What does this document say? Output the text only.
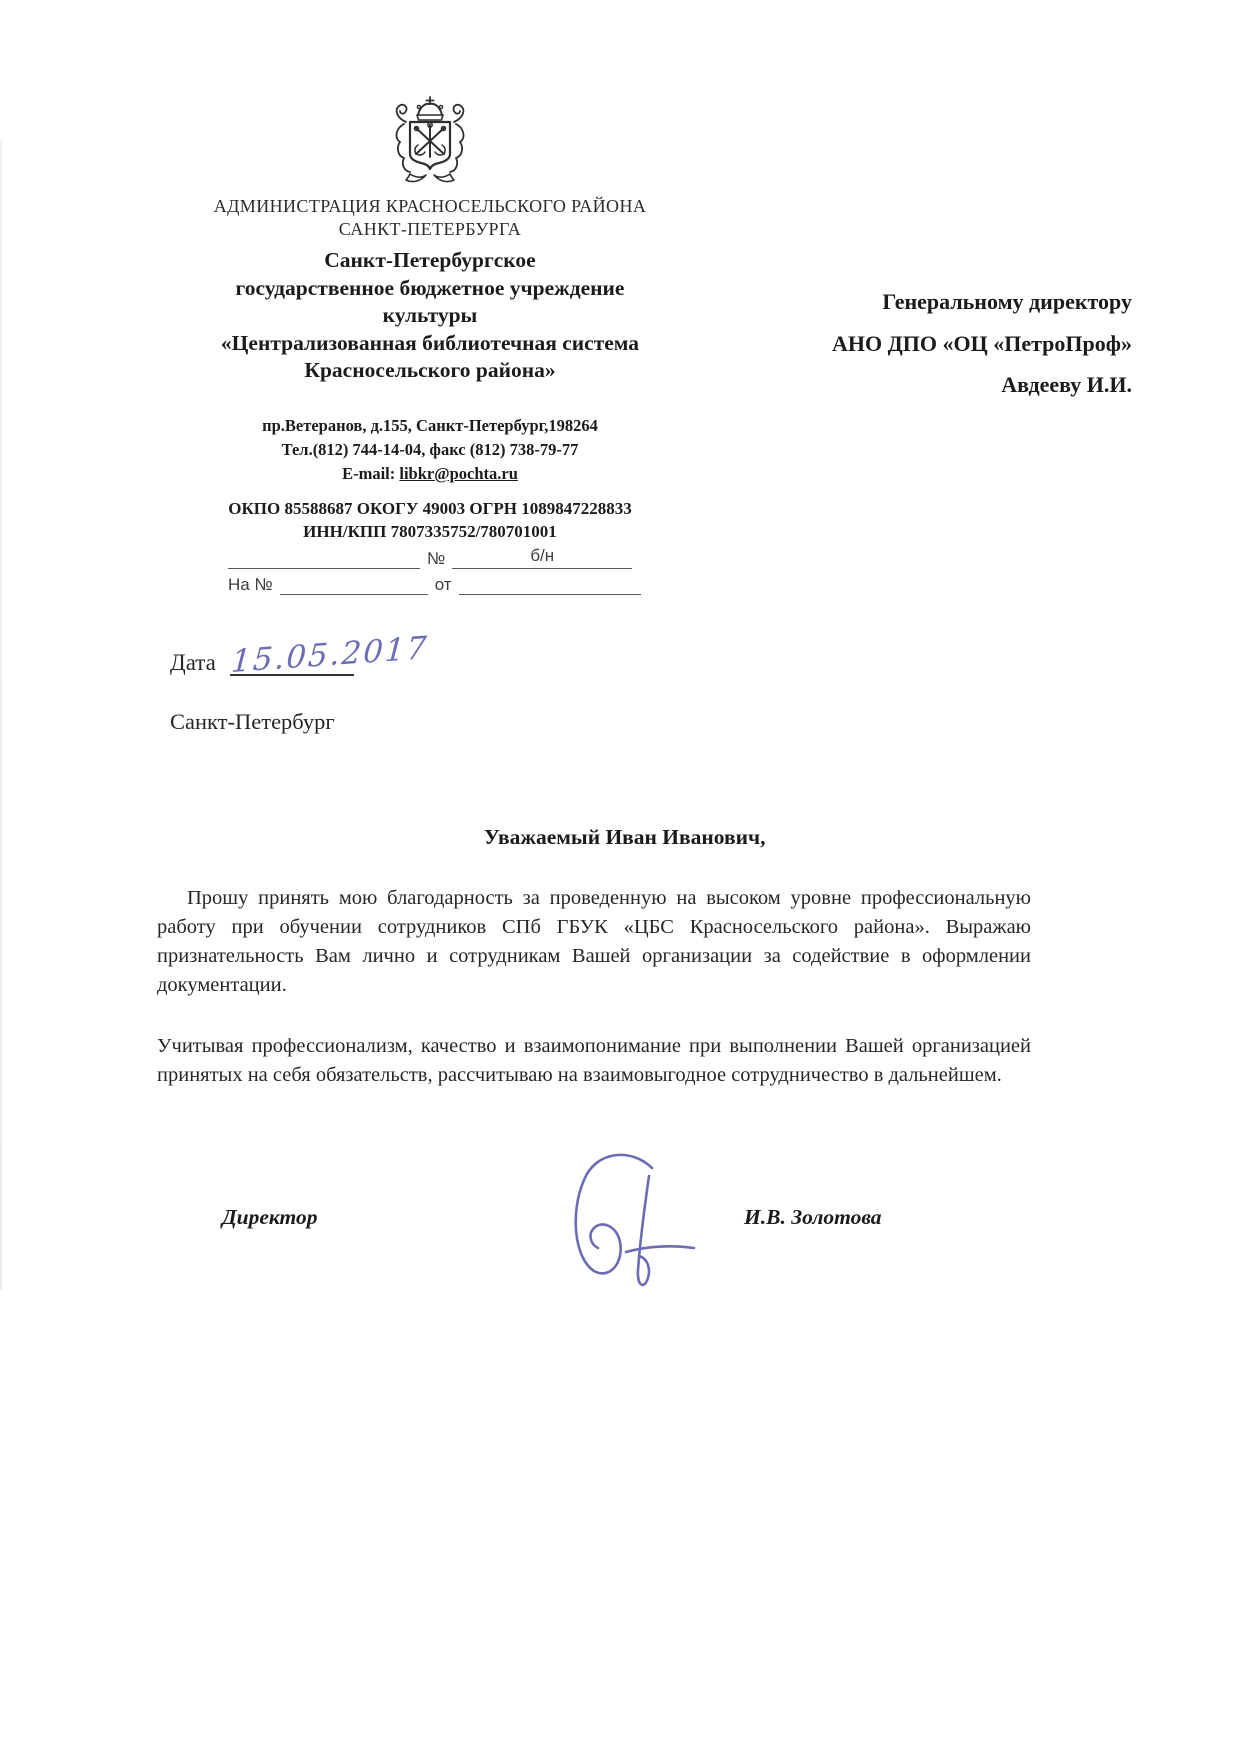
АДМИНИСТРАЦИЯ КРАСНОСЕЛЬСКОГО РАЙОНА
САНКТ-ПЕТЕРБУРГА
Санкт-Петербургское
государственное бюджетное учреждение
культуры
«Централизованная библиотечная система
Красносельского района»
пр.Ветеранов, д.155, Санкт-Петербург,198264
Тел.(812) 744-14-04, факс (812) 738-79-77
E-mail: libkr@pochta.ru
ОКПО 85588687 ОКОГУ 49003 ОГРН 1089847228833
ИНН/КПП 7807335752/780701001
№	б/н
На №	от
Генеральному директору
АНО ДПО «ОЦ «ПетроПроф»
Авдееву И.И.
Дата 15.05.2017
Санкт-Петербург
Уважаемый Иван Иванович,

Прошу принять мою благодарность за проведенную на высоком уровне профессиональную работу при обучении сотрудников СПб ГБУК «ЦБС Красносельского района». Выражаю признательность Вам лично и сотрудникам Вашей организации за содействие в оформлении документации.

Учитывая профессионализм, качество и взаимопонимание при выполнении Вашей организацией принятых на себя обязательств, рассчитываю на взаимовыгодное сотрудничество в дальнейшем.

Директор	И.В. Золотова
